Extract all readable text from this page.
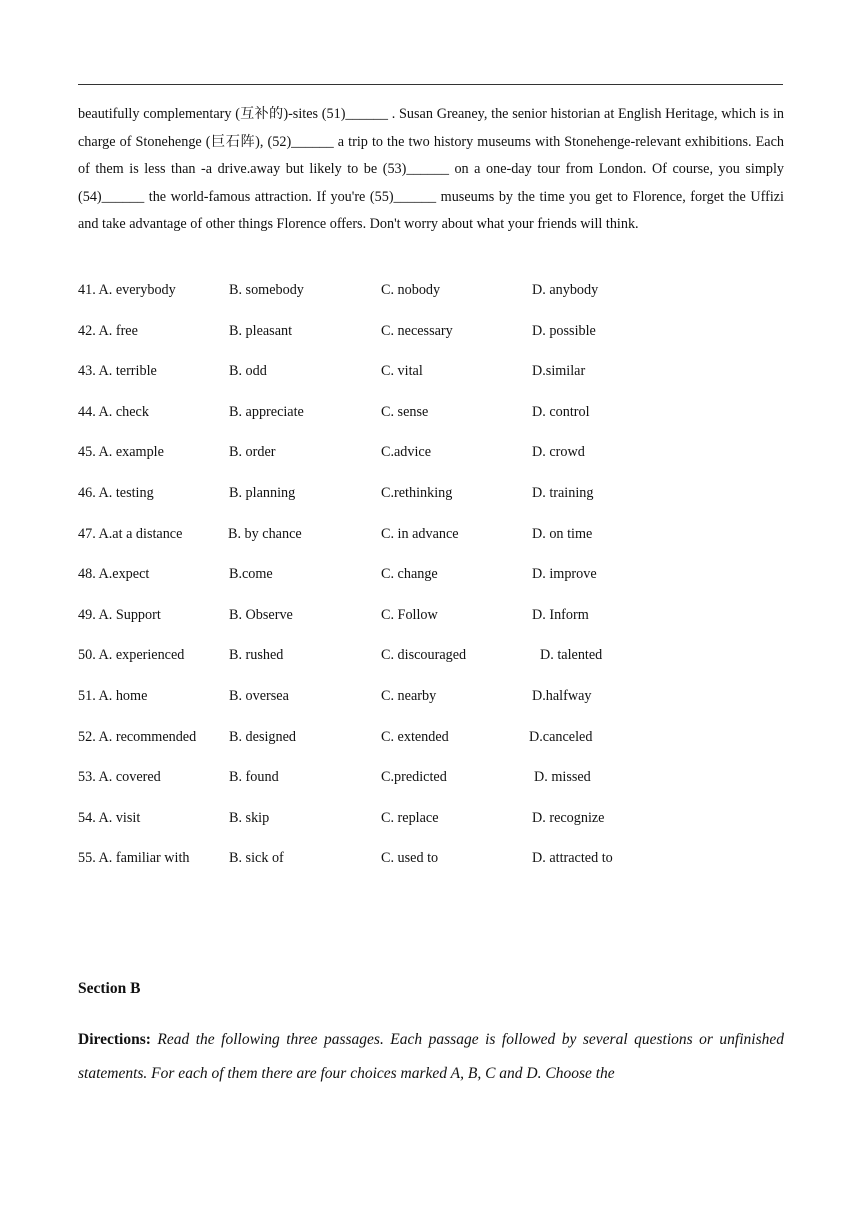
beautifully complementary (互补的)-sites (51)______ . Susan Greaney, the senior historian at English Heritage, which is in charge of Stonehenge (巨石阵), (52)______ a trip to the two history museums with Stonehenge-relevant exhibitions. Each of them is less than -a drive.away but likely to be (53)______ on a one-day tour from London. Of course, you simply (54)______ the world-famous attraction. If you're (55)______ museums by the time you get to Florence, forget the Uffizi and take advantage of other things Florence offers. Don't worry about what your friends will think.

41. A. everybody	B. somebody	C. nobody	D. anybody
42. A. free	B. pleasant	C. necessary	D. possible
43. A. terrible	B. odd	C. vital	D.similar
44. A. check	B. appreciate	C. sense	D. control
45. A. example	B. order	C.advice	D. crowd
46. A. testing	B. planning	C.rethinking	D. training
47. A.at a distance	B. by chance	C. in advance	D. on time
48. A.expect	B.come	C. change	D. improve
49. A. Support	B. Observe	C. Follow	D. Inform
50. A. experienced	B. rushed	C. discouraged	D. talented
51. A. home	B. oversea	C. nearby	D.halfway
52. A. recommended B. designed	C. extended	D.canceled
53. A. covered	B. found	C.predicted	D. missed
54. A. visit	B. skip	C. replace	D. recognize
55. A. familiar with	B. sick of	C. used to	D. attracted to
Section B

Directions: Read the following three passages. Each passage is followed by several questions or unfinished statements. For each of them there are four choices marked A, B, C and D. Choose the
